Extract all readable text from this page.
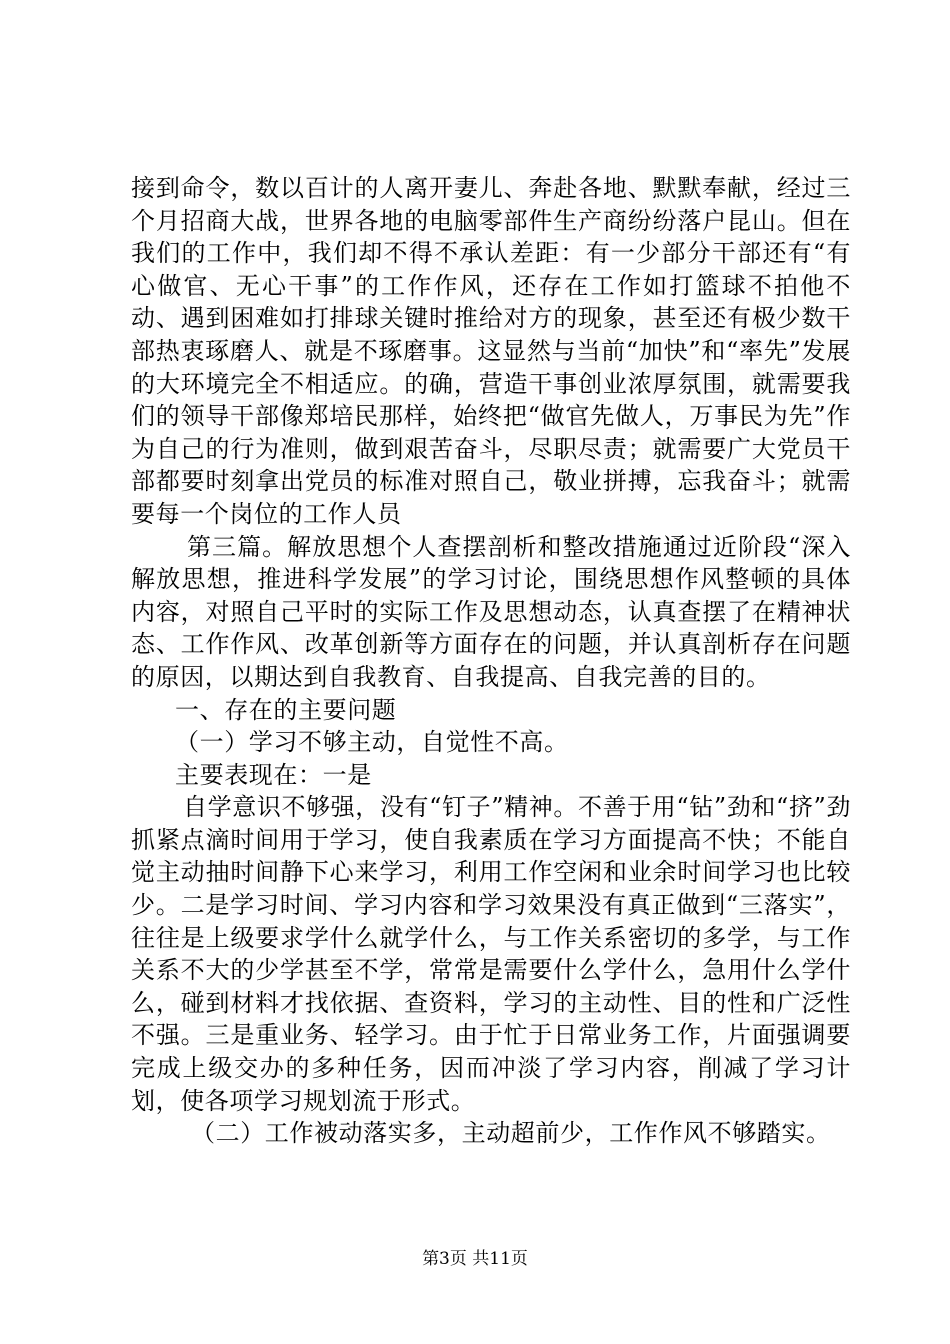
接到命令，数以百计的人离开妻儿、奔赴各地、默默奉献，经过三个月招商大战，世界各地的电脑零部件生产商纷纷落户昆山。但在我们的工作中，我们却不得不承认差距：有一少部分干部还有“有心做官、无心干事”的工作作风，还存在工作如打篮球不拍他不动、遇到困难如打排球关键时推给对方的现象，甚至还有极少数干部热衷琢磨人、就是不琢磨事。这显然与当前“加快”和“率先”发展的大环境完全不相适应。的确，营造干事创业浓厚氛围，就需要我们的领导干部像郑培民那样，始终把“做官先做人，万事民为先”作为自己的行为准则，做到艰苦奋斗，尽职尽责；就需要广大党员干部都要时刻拿出党员的标准对照自己，敬业拼搏，忘我奋斗；就需要每一个岗位的工作人员

第三篇。解放思想个人查摆剖析和整改措施通过近阶段“深入解放思想，推进科学发展”的学习讨论，围绕思想作风整顿的具体内容，对照自己平时的实际工作及思想动态，认真查摆了在精神状态、工作作风、改革创新等方面存在的问题，并认真剖析存在问题的原因，以期达到自我教育、自我提高、自我完善的目的。

一、存在的主要问题

（一）学习不够主动，自觉性不高。

主要表现在：一是

自学意识不够强，没有“钉子”精神。不善于用“钻”劲和“挤”劲抓紧点滴时间用于学习，使自我素质在学习方面提高不快；不能自觉主动抽时间静下心来学习，利用工作空闲和业余时间学习也比较少。二是学习时间、学习内容和学习效果没有真正做到“三落实”，往往是上级要求学什么就学什么，与工作关系密切的多学，与工作关系不大的少学甚至不学，常常是需要什么学什么，急用什么学什么，碰到材料才找依据、查资料，学习的主动性、目的性和广泛性不强。三是重业务、轻学习。由于忙于日常业务工作，片面强调要完成上级交办的多种任务，因而冲淡了学习内容，削减了学习计划，使各项学习规划流于形式。

（二）工作被动落实多，主动超前少，工作作风不够踏实。

第3页 共11页
